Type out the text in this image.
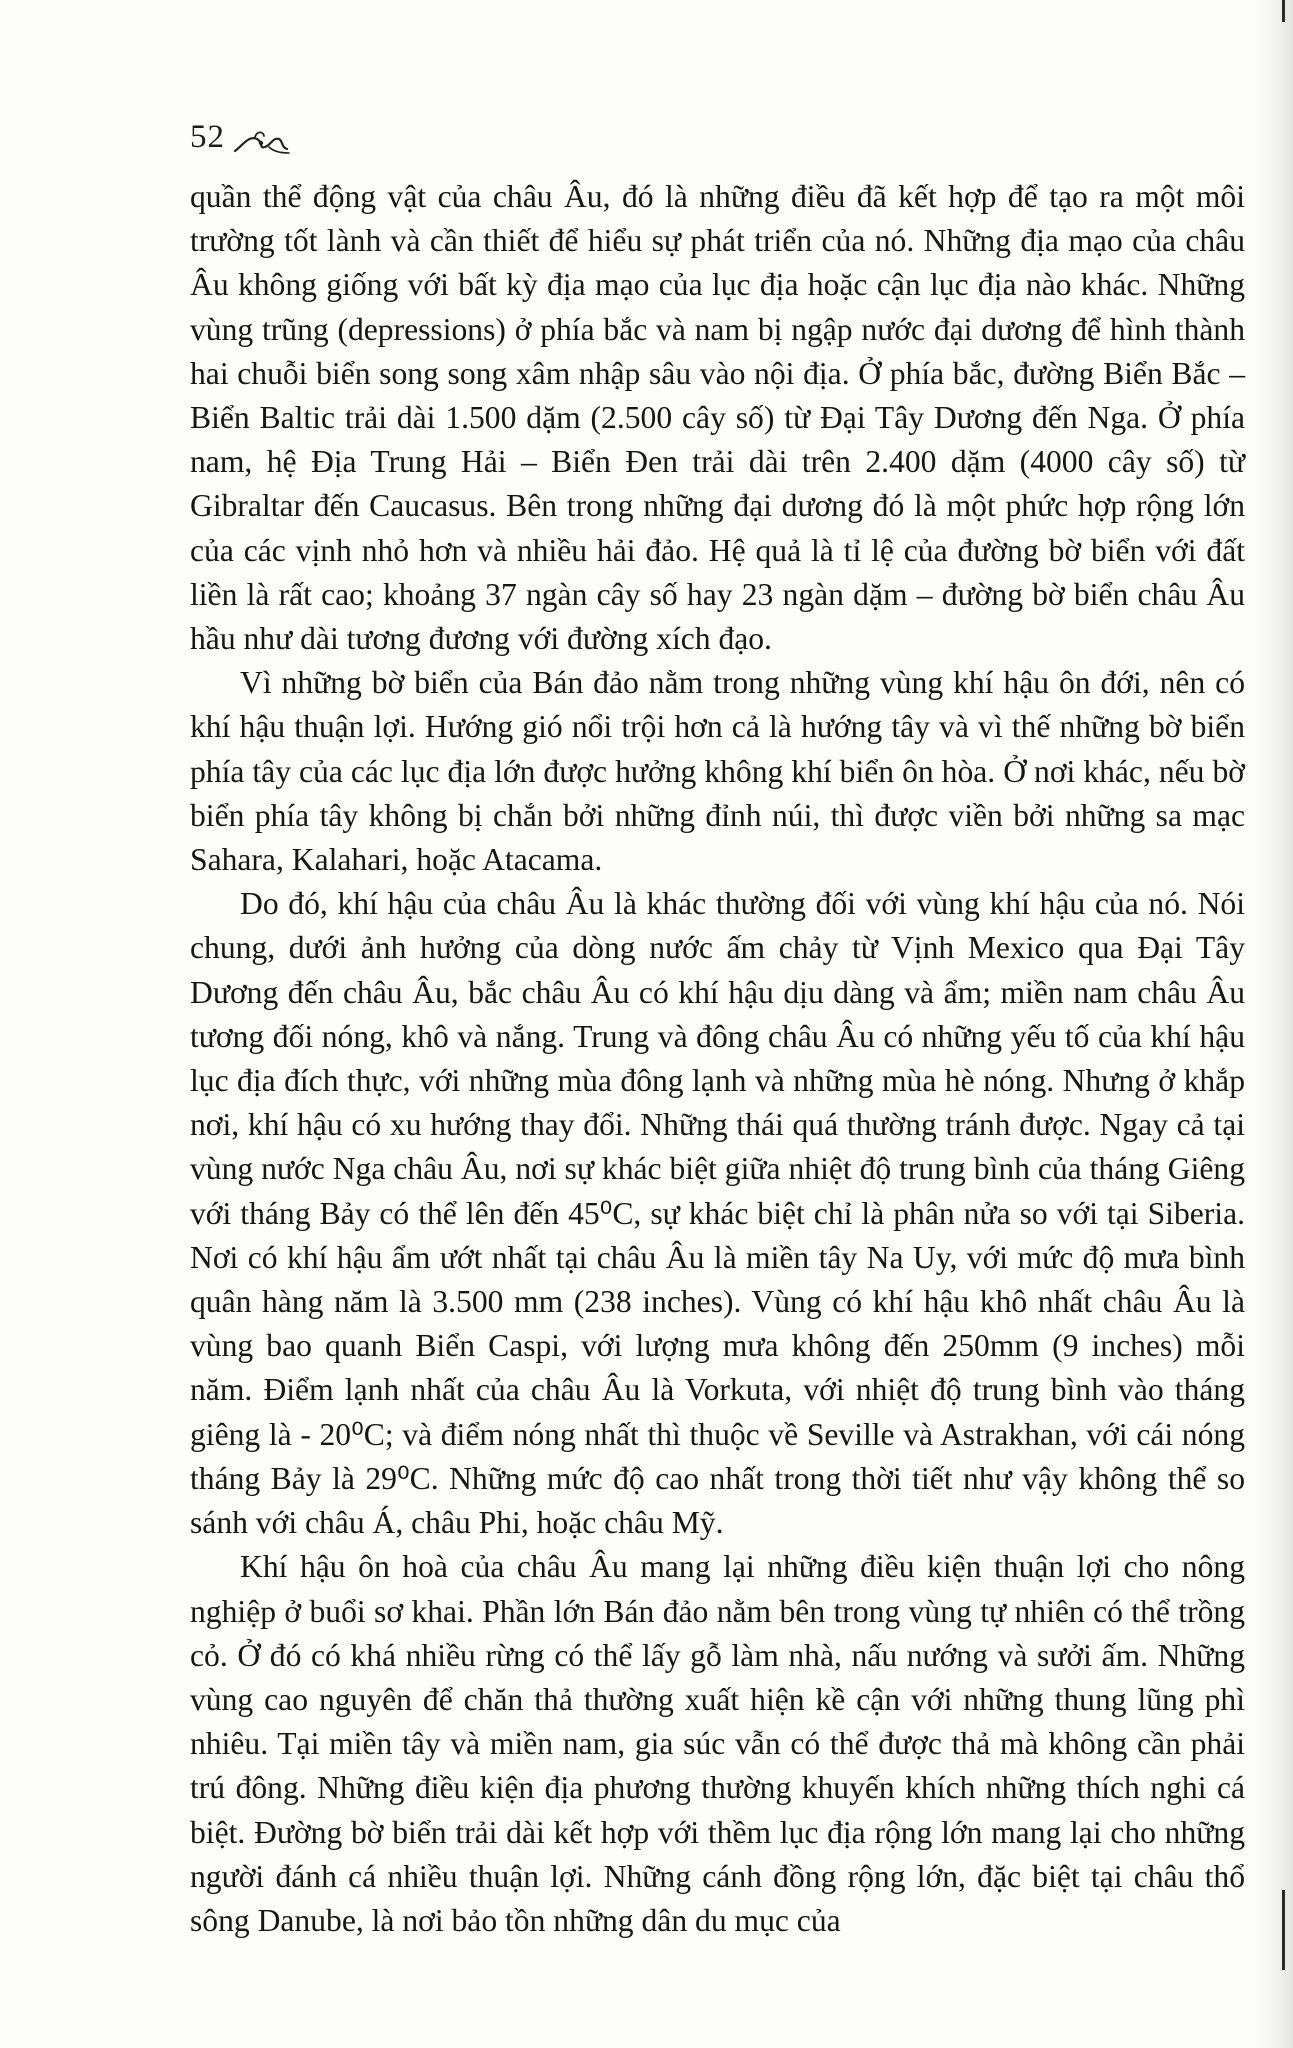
52

quần thể động vật của châu Âu, đó là những điều đã kết hợp để tạo ra một môi trường tốt lành và cần thiết để hiểu sự phát triển của nó. Những địa mạo của châu Âu không giống với bất kỳ địa mạo của lục địa hoặc cận lục địa nào khác. Những vùng trũng (depressions) ở phía bắc và nam bị ngập nước đại dương để hình thành hai chuỗi biển song song xâm nhập sâu vào nội địa. Ở phía bắc, đường Biển Bắc – Biển Baltic trải dài 1.500 dặm (2.500 cây số) từ Đại Tây Dương đến Nga. Ở phía nam, hệ Địa Trung Hải – Biển Đen trải dài trên 2.400 dặm (4000 cây số) từ Gibraltar đến Caucasus. Bên trong những đại dương đó là một phức hợp rộng lớn của các vịnh nhỏ hơn và nhiều hải đảo. Hệ quả là tỉ lệ của đường bờ biển với đất liền là rất cao; khoảng 37 ngàn cây số hay 23 ngàn dặm – đường bờ biển châu Âu hầu như dài tương đương với đường xích đạo.

Vì những bờ biển của Bán đảo nằm trong những vùng khí hậu ôn đới, nên có khí hậu thuận lợi. Hướng gió nổi trội hơn cả là hướng tây và vì thế những bờ biển phía tây của các lục địa lớn được hưởng không khí biển ôn hòa. Ở nơi khác, nếu bờ biển phía tây không bị chắn bởi những đỉnh núi, thì được viền bởi những sa mạc Sahara, Kalahari, hoặc Atacama.

Do đó, khí hậu của châu Âu là khác thường đối với vùng khí hậu của nó. Nói chung, dưới ảnh hưởng của dòng nước ấm chảy từ Vịnh Mexico qua Đại Tây Dương đến châu Âu, bắc châu Âu có khí hậu dịu dàng và ẩm; miền nam châu Âu tương đối nóng, khô và nắng. Trung và đông châu Âu có những yếu tố của khí hậu lục địa đích thực, với những mùa đông lạnh và những mùa hè nóng. Nhưng ở khắp nơi, khí hậu có xu hướng thay đổi. Những thái quá thường tránh được. Ngay cả tại vùng nước Nga châu Âu, nơi sự khác biệt giữa nhiệt độ trung bình của tháng Giêng với tháng Bảy có thể lên đến 45⁰C, sự khác biệt chỉ là phân nửa so với tại Siberia. Nơi có khí hậu ẩm ướt nhất tại châu Âu là miền tây Na Uy, với mức độ mưa bình quân hàng năm là 3.500 mm (238 inches). Vùng có khí hậu khô nhất châu Âu là vùng bao quanh Biển Caspi, với lượng mưa không đến 250mm (9 inches) mỗi năm. Điểm lạnh nhất của châu Âu là Vorkuta, với nhiệt độ trung bình vào tháng giêng là - 20⁰C; và điểm nóng nhất thì thuộc về Seville và Astrakhan, với cái nóng tháng Bảy là 29⁰C. Những mức độ cao nhất trong thời tiết như vậy không thể so sánh với châu Á, châu Phi, hoặc châu Mỹ.

Khí hậu ôn hoà của châu Âu mang lại những điều kiện thuận lợi cho nông nghiệp ở buổi sơ khai. Phần lớn Bán đảo nằm bên trong vùng tự nhiên có thể trồng cỏ. Ở đó có khá nhiều rừng có thể lấy gỗ làm nhà, nấu nướng và sưởi ấm. Những vùng cao nguyên để chăn thả thường xuất hiện kề cận với những thung lũng phì nhiêu. Tại miền tây và miền nam, gia súc vẫn có thể được thả mà không cần phải trú đông. Những điều kiện địa phương thường khuyến khích những thích nghi cá biệt. Đường bờ biển trải dài kết hợp với thềm lục địa rộng lớn mang lại cho những người đánh cá nhiều thuận lợi. Những cánh đồng rộng lớn, đặc biệt tại châu thổ sông Danube, là nơi bảo tồn những dân du mục của
